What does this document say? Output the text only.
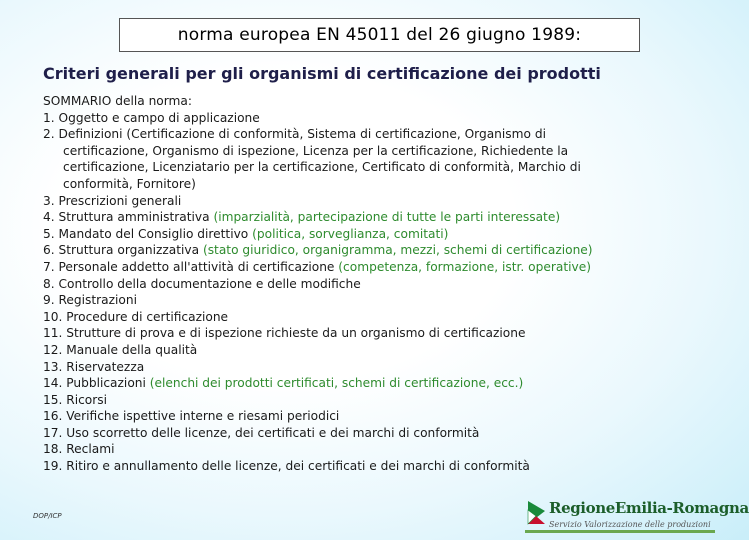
norma europea EN 45011 del 26 giugno 1989:
Criteri generali per gli organismi di certificazione dei prodotti
SOMMARIO della norma:
1. Oggetto e campo di applicazione
2. Definizioni (Certificazione di conformità, Sistema di certificazione, Organismo di
certificazione, Organismo di ispezione, Licenza per la certificazione, Richiedente la
certificazione, Licenziatario per la certificazione, Certificato di conformità, Marchio di
conformità, Fornitore)
3. Prescrizioni generali
4. Struttura amministrativa (imparzialità, partecipazione di tutte le parti interessate)
5. Mandato del Consiglio direttivo (politica, sorveglianza, comitati)
6. Struttura organizzativa (stato giuridico, organigramma, mezzi, schemi di certificazione)
7. Personale addetto all'attività di certificazione (competenza, formazione, istr. operative)
8. Controllo della documentazione e delle modifiche
9. Registrazioni
10. Procedure di certificazione
11. Strutture di prova e di ispezione richieste da un organismo di certificazione
12. Manuale della qualità
13. Riservatezza
14. Pubblicazioni (elenchi dei prodotti certificati, schemi di certificazione, ecc.)
15. Ricorsi
16. Verifiche ispettive interne e riesami periodici
17. Uso scorretto delle licenze, dei certificati e dei marchi di conformità
18. Reclami
19. Ritiro e annullamento delle licenze, dei certificati e dei marchi di conformità
DOP/ICP	RegioneEmilia-Romagna
Servizio Valorizzazione delle produzioni
